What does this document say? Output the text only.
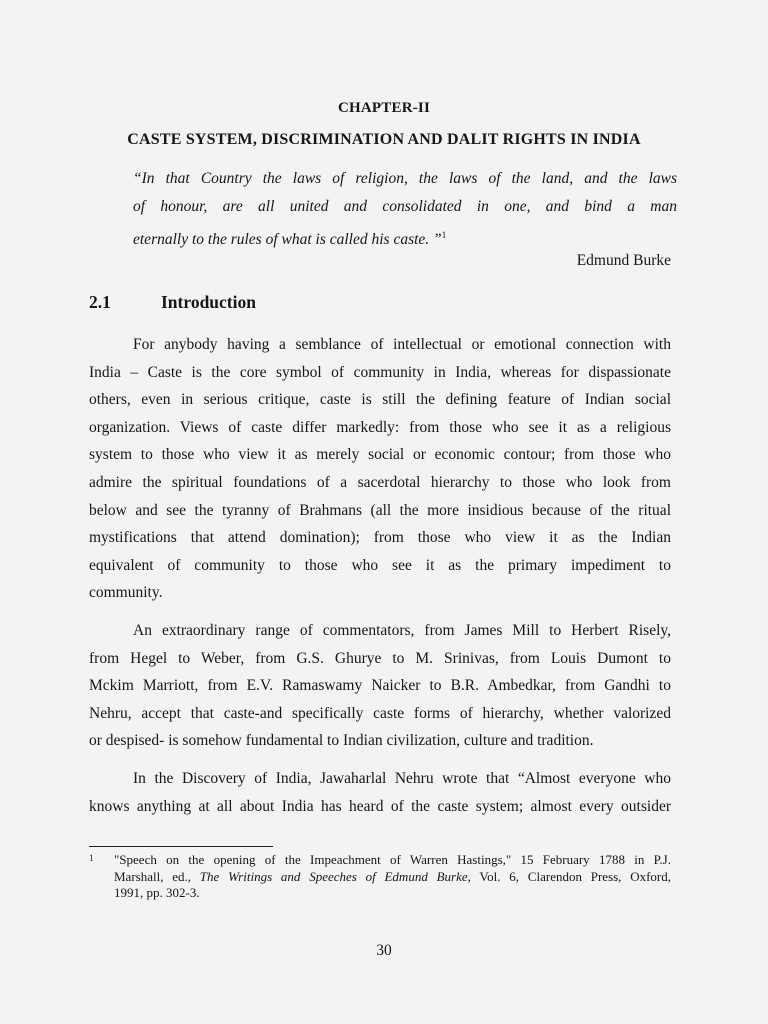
CHAPTER-II
CASTE SYSTEM, DISCRIMINATION AND DALIT RIGHTS IN INDIA
“In that Country the laws of religion, the laws of the land, and the laws
of honour, are all united and consolidated in one, and bind a man
eternally to the rules of what is called his caste. ”$^1$
Edmund Burke
2.1	Introduction
For anybody having a semblance of intellectual or emotional connection with
India – Caste is the core symbol of community in India, whereas for dispassionate
others, even in serious critique, caste is still the defining feature of Indian social
organization. Views of caste differ markedly: from those who see it as a religious
system to those who view it as merely social or economic contour; from those who
admire the spiritual foundations of a sacerdotal hierarchy to those who look from
below and see the tyranny of Brahmans (all the more insidious because of the ritual
mystifications that attend domination); from those who view it as the Indian
equivalent of community to those who see it as the primary impediment to
community.
An extraordinary range of commentators, from James Mill to Herbert Risely,
from Hegel to Weber, from G.S. Ghurye to M. Srinivas, from Louis Dumont to
Mckim Marriott, from E.V. Ramaswamy Naicker to B.R. Ambedkar, from Gandhi to
Nehru, accept that caste-and specifically caste forms of hierarchy, whether valorized
or despised- is somehow fundamental to Indian civilization, culture and tradition.
In the Discovery of India, Jawaharlal Nehru wrote that “Almost everyone who
knows anything at all about India has heard of the caste system; almost every outsider
1 "Speech on the opening of the Impeachment of Warren Hastings," 15 February 1788 in P.J.
Marshall, ed., The Writings and Speeches of Edmund Burke, Vol. 6, Clarendon Press, Oxford,
1991, pp. 302-3.
30
